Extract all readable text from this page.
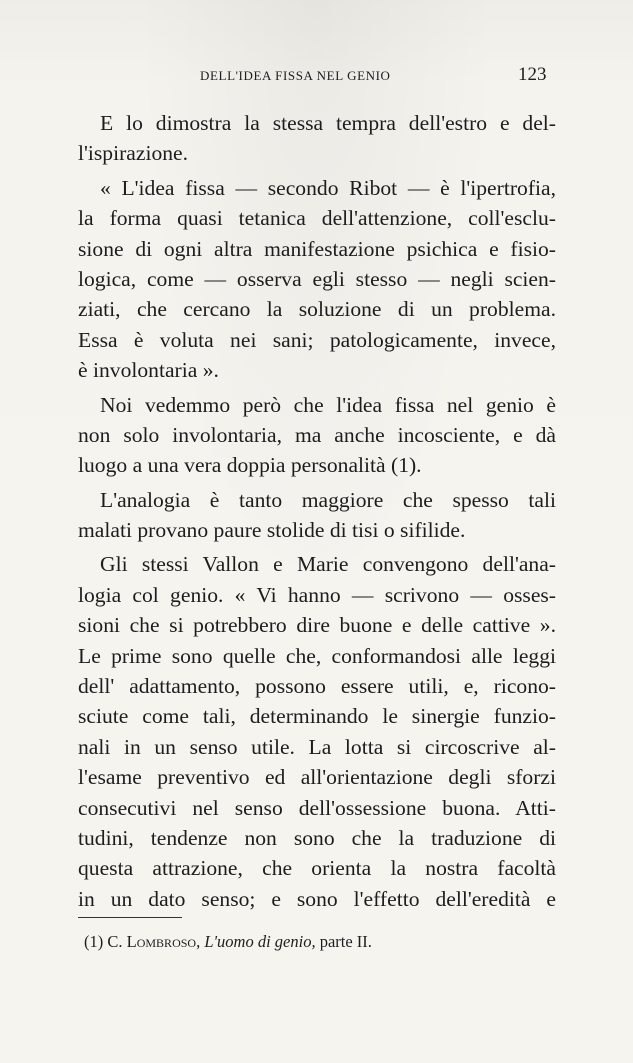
DELL'IDEA FISSA NEL GENIO	123
E lo dimostra la stessa tempra dell'estro e del-
l'ispirazione.
« L'idea fissa — secondo Ribot — è l'ipertrofia,
la forma quasi tetanica dell'attenzione, coll'esclu-
sione di ogni altra manifestazione psichica e fisio-
logica, come — osserva egli stesso — negli scien-
ziati, che cercano la soluzione di un problema.
Essa è voluta nei sani; patologicamente, invece,
è involontaria ».
Noi vedemmo però che l'idea fissa nel genio è
non solo involontaria, ma anche incosciente, e dà
luogo a una vera doppia personalità (1).
L'analogia è tanto maggiore che spesso tali
malati provano paure stolide di tisi o sifilide.
Gli stessi Vallon e Marie convengono dell'ana-
logia col genio. « Vi hanno — scrivono — osses-
sioni che si potrebbero dire buone e delle cattive ».
Le prime sono quelle che, conformandosi alle leggi
dell' adattamento, possono essere utili, e, ricono-
sciute come tali, determinando le sinergie funzio-
nali in un senso utile. La lotta si circoscrive al-
l'esame preventivo ed all'orientazione degli sforzi
consecutivi nel senso dell'ossessione buona. Atti-
tudini, tendenze non sono che la traduzione di
questa attrazione, che orienta la nostra facoltà
in un dato senso; e sono l'effetto dell'eredità e
(1) C. Lombroso, L'uomo di genio, parte II.
